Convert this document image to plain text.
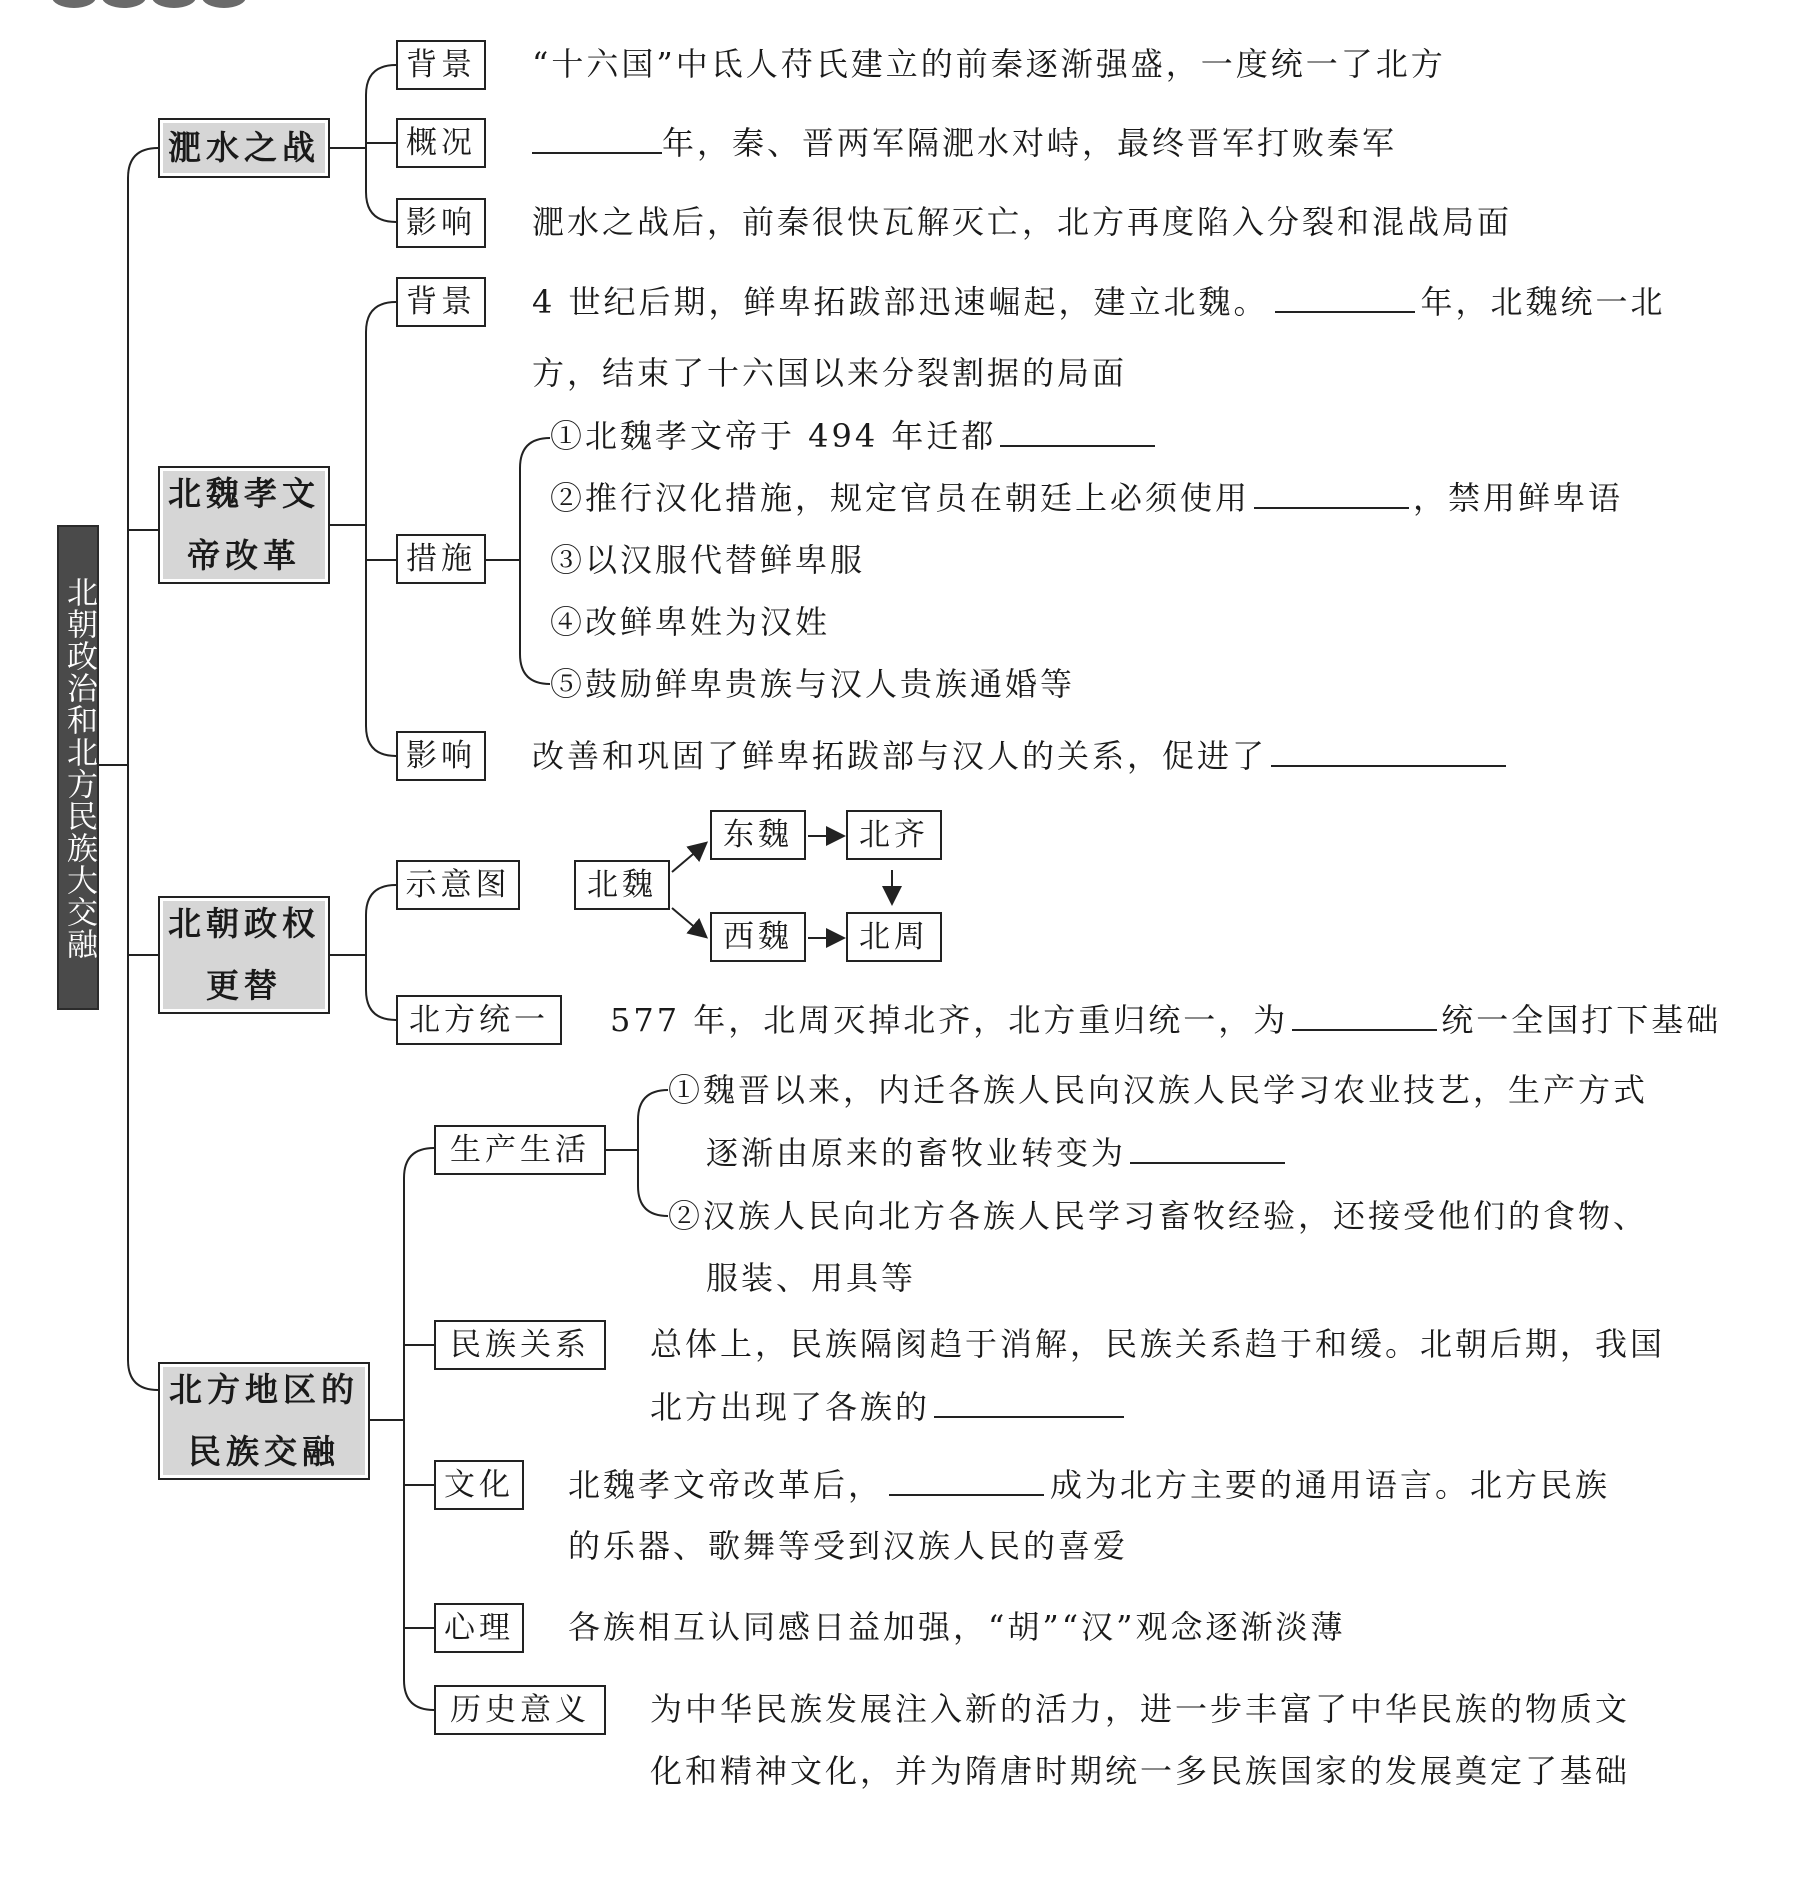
北朝政治和北方民族大交融
淝水之战
背景
概况
影响
“十六国”中氐人苻氏建立的前秦逐渐强盛，一度统一了北方
年，秦、晋两军隔淝水对峙，最终晋军打败秦军
淝水之战后，前秦很快瓦解灭亡，北方再度陷入分裂和混战局面
北魏孝文
帝改革
背景
措施
影响
4 世纪后期，鲜卑拓跋部迅速崛起，建立北魏。	年，北魏统一北
方，结束了十六国以来分裂割据的局面
①北魏孝文帝于 494 年迁都
②推行汉化措施，规定官员在朝廷上必须使用	，禁用鲜卑语
③以汉服代替鲜卑服
④改鲜卑姓为汉姓
⑤鼓励鲜卑贵族与汉人贵族通婚等
改善和巩固了鲜卑拓跋部与汉人的关系，促进了
北朝政权
更替
示意图
北方统一
北魏
东魏	北齐
西魏	北周
577 年，北周灭掉北齐，北方重归统一，为	统一全国打下基础
北方地区的
民族交融
生产生活
民族关系
文化
心理
历史意义
①魏晋以来，内迁各族人民向汉族人民学习农业技艺，生产方式
逐渐由原来的畜牧业转变为
②汉族人民向北方各族人民学习畜牧经验，还接受他们的食物、
服装、用具等
总体上，民族隔阂趋于消解，民族关系趋于和缓。北朝后期，我国
北方出现了各族的
北魏孝文帝改革后，	成为北方主要的通用语言。北方民族
的乐器、歌舞等受到汉族人民的喜爱
各族相互认同感日益加强，“胡”“汉”观念逐渐淡薄
为中华民族发展注入新的活力，进一步丰富了中华民族的物质文
化和精神文化，并为隋唐时期统一多民族国家的发展奠定了基础
